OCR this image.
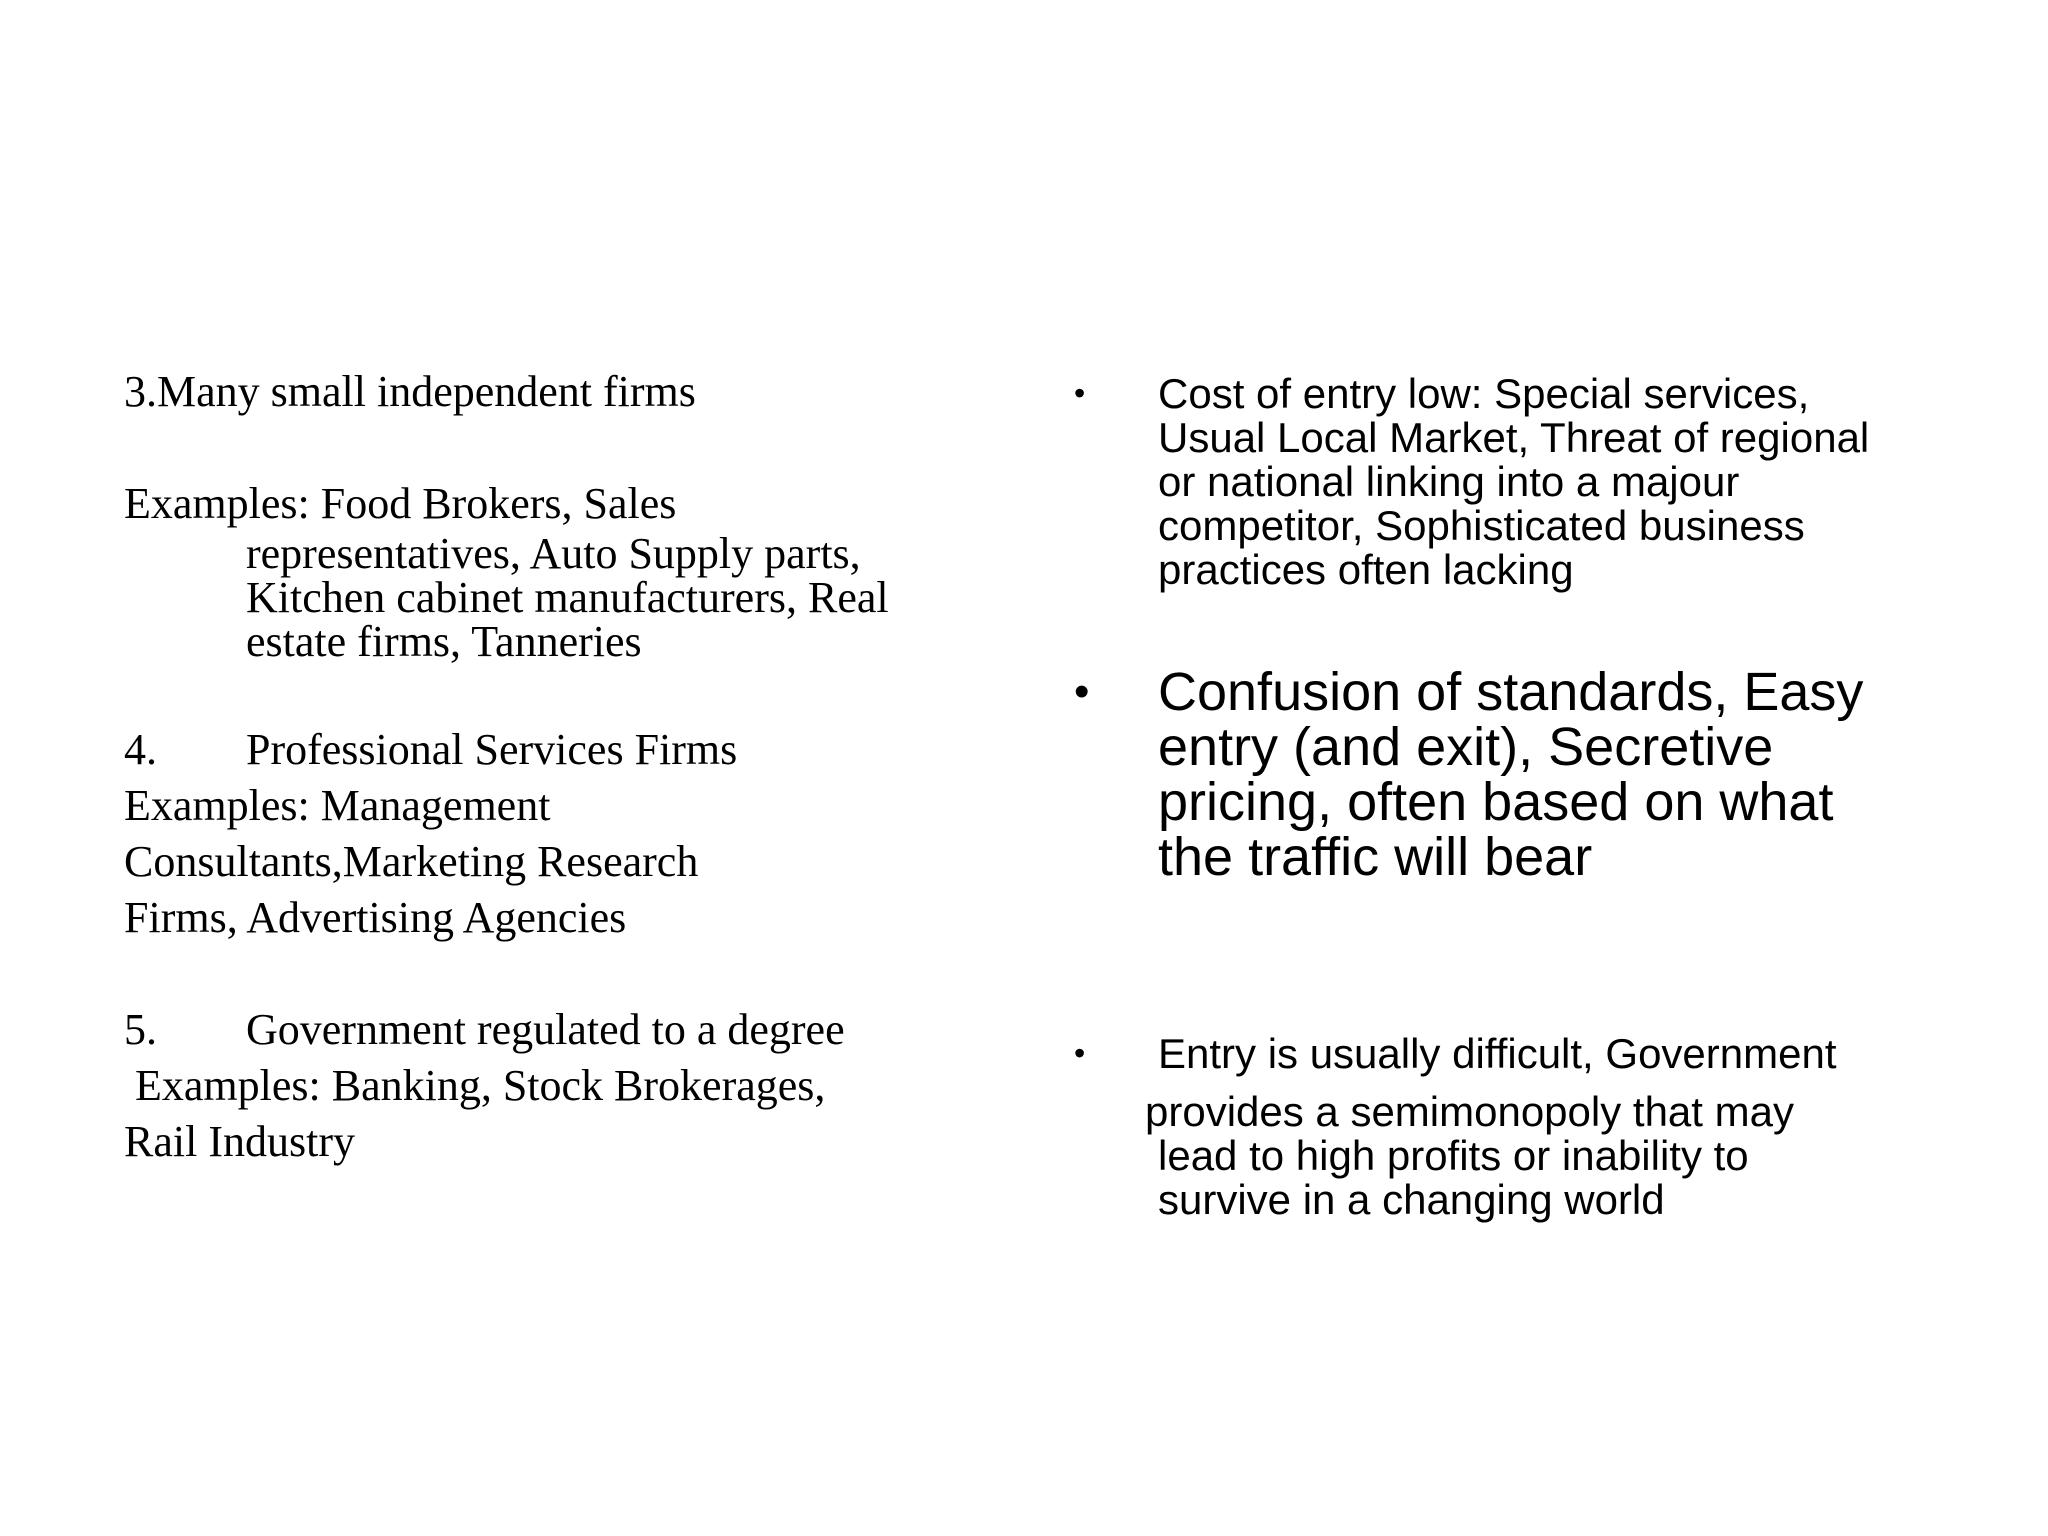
3.Many small independent firms
Examples: Food Brokers, Sales
representatives, Auto Supply parts,
Kitchen cabinet manufacturers, Real
estate firms, Tanneries
4. Professional Services Firms
Examples: Management
Consultants,Marketing Research
Firms, Advertising Agencies
5. Government regulated to a degree
Examples: Banking, Stock Brokerages,
Rail Industry
• Cost of entry low: Special services,
Usual Local Market, Threat of regional
or national linking into a majour
competitor, Sophisticated business
practices often lacking
• Confusion of standards, Easy
entry (and exit), Secretive
pricing, often based on what
the traffic will bear
• Entry is usually difficult, Government
provides a semimonopoly that may
lead to high profits or inability to
survive in a changing world
